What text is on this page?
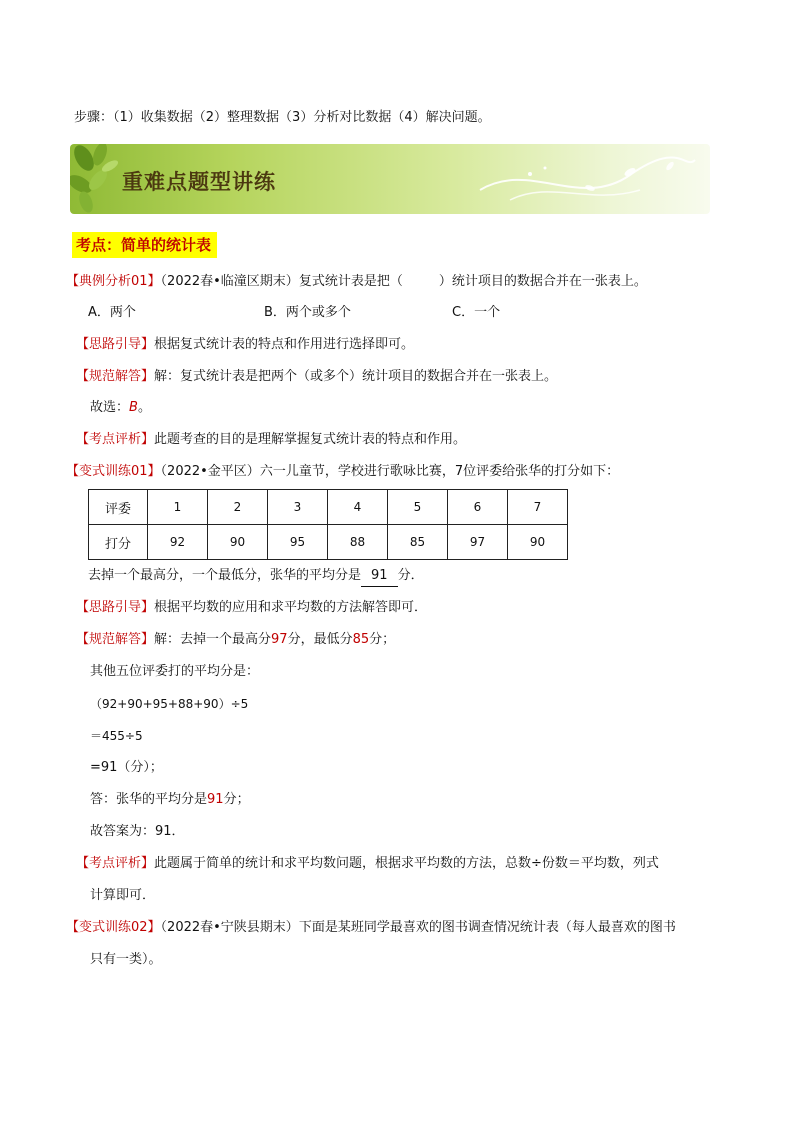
步骤：（1）收集数据（2）整理数据（3）分析对比数据（4）解决问题。
重难点题型讲练
考点：简单的统计表
【典例分析01】（2022春•临潼区期末）复式统计表是把（	）统计项目的数据合并在一张表上。
A．两个	B．两个或多个	C．一个
【思路引导】根据复式统计表的特点和作用进行选择即可。
【规范解答】解：复式统计表是把两个（或多个）统计项目的数据合并在一张表上。
故选：B。
【考点评析】此题考查的目的是理解掌握复式统计表的特点和作用。
【变式训练01】（2022•金平区）六一儿童节，学校进行歌咏比赛，7位评委给张华的打分如下：
评委	1	2	3	4	5	6	7
打分	92	90	95	88	85	97	90
去掉一个最高分，一个最低分，张华的平均分是 91 分．
【思路引导】根据平均数的应用和求平均数的方法解答即可．
【规范解答】解：去掉一个最高分97分，最低分85分；
其他五位评委打的平均分是：
（92+90+95+88+90）÷5
＝455÷5
=91（分）；
答：张华的平均分是91分；
故答案为：91．
【考点评析】此题属于简单的统计和求平均数问题，根据求平均数的方法，总数÷份数＝平均数，列式
计算即可．
【变式训练02】（2022春•宁陕县期末）下面是某班同学最喜欢的图书调查情况统计表（每人最喜欢的图书
只有一类）。
